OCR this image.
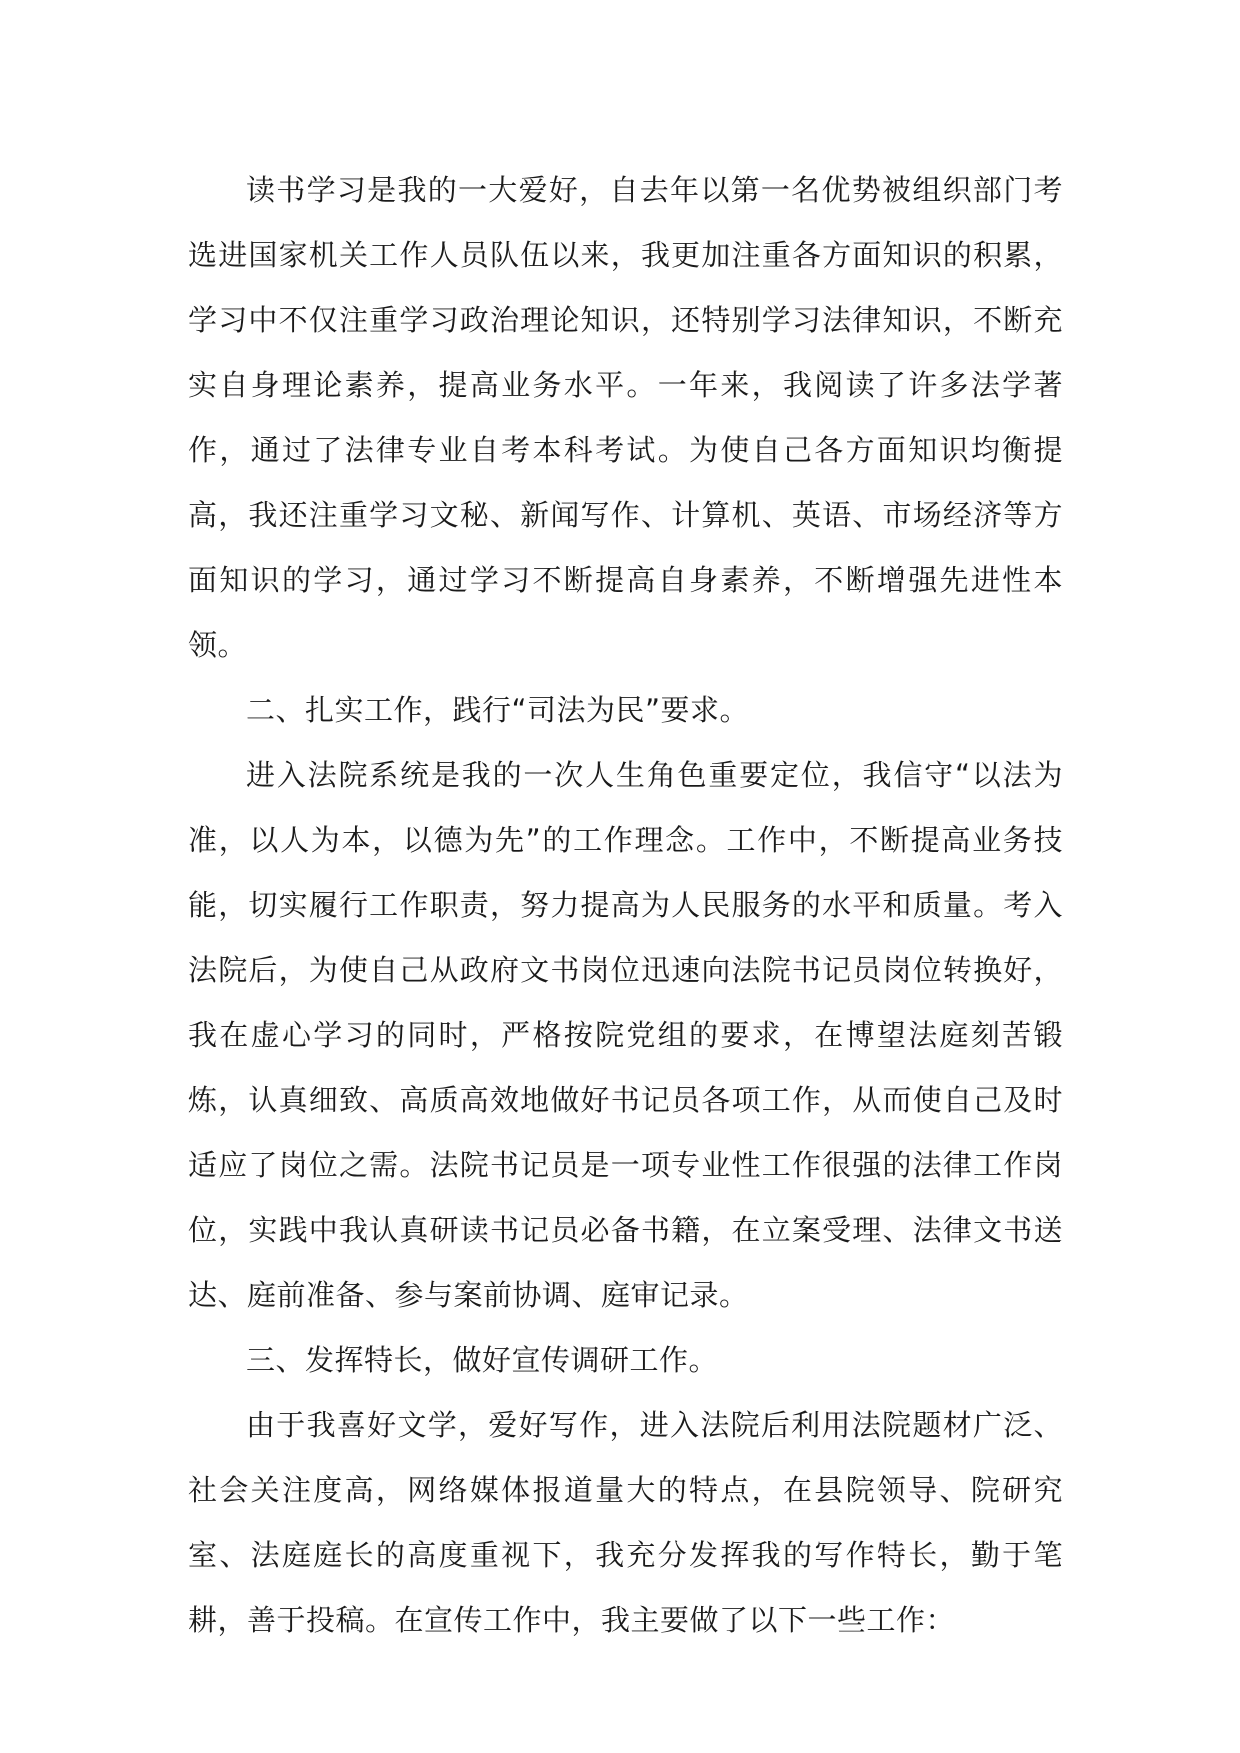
读书学习是我的一大爱好，自去年以第一名优势被组织部门考选进国家机关工作人员队伍以来，我更加注重各方面知识的积累，学习中不仅注重学习政治理论知识，还特别学习法律知识，不断充实自身理论素养，提高业务水平。一年来，我阅读了许多法学著作，通过了法律专业自考本科考试。为使自己各方面知识均衡提高，我还注重学习文秘、新闻写作、计算机、英语、市场经济等方面知识的学习，通过学习不断提高自身素养，不断增强先进性本领。

二、扎实工作，践行“司法为民”要求。

进入法院系统是我的一次人生角色重要定位，我信守“以法为准，以人为本，以德为先”的工作理念。工作中，不断提高业务技能，切实履行工作职责，努力提高为人民服务的水平和质量。考入法院后，为使自己从政府文书岗位迅速向法院书记员岗位转换好，我在虚心学习的同时，严格按院党组的要求，在博望法庭刻苦锻炼，认真细致、高质高效地做好书记员各项工作，从而使自己及时适应了岗位之需。法院书记员是一项专业性工作很强的法律工作岗位，实践中我认真研读书记员必备书籍，在立案受理、法律文书送达、庭前准备、参与案前协调、庭审记录。

三、发挥特长，做好宣传调研工作。

由于我喜好文学，爱好写作，进入法院后利用法院题材广泛、社会关注度高，网络媒体报道量大的特点，在县院领导、院研究室、法庭庭长的高度重视下，我充分发挥我的写作特长，勤于笔耕，善于投稿。在宣传工作中，我主要做了以下一些工作：
